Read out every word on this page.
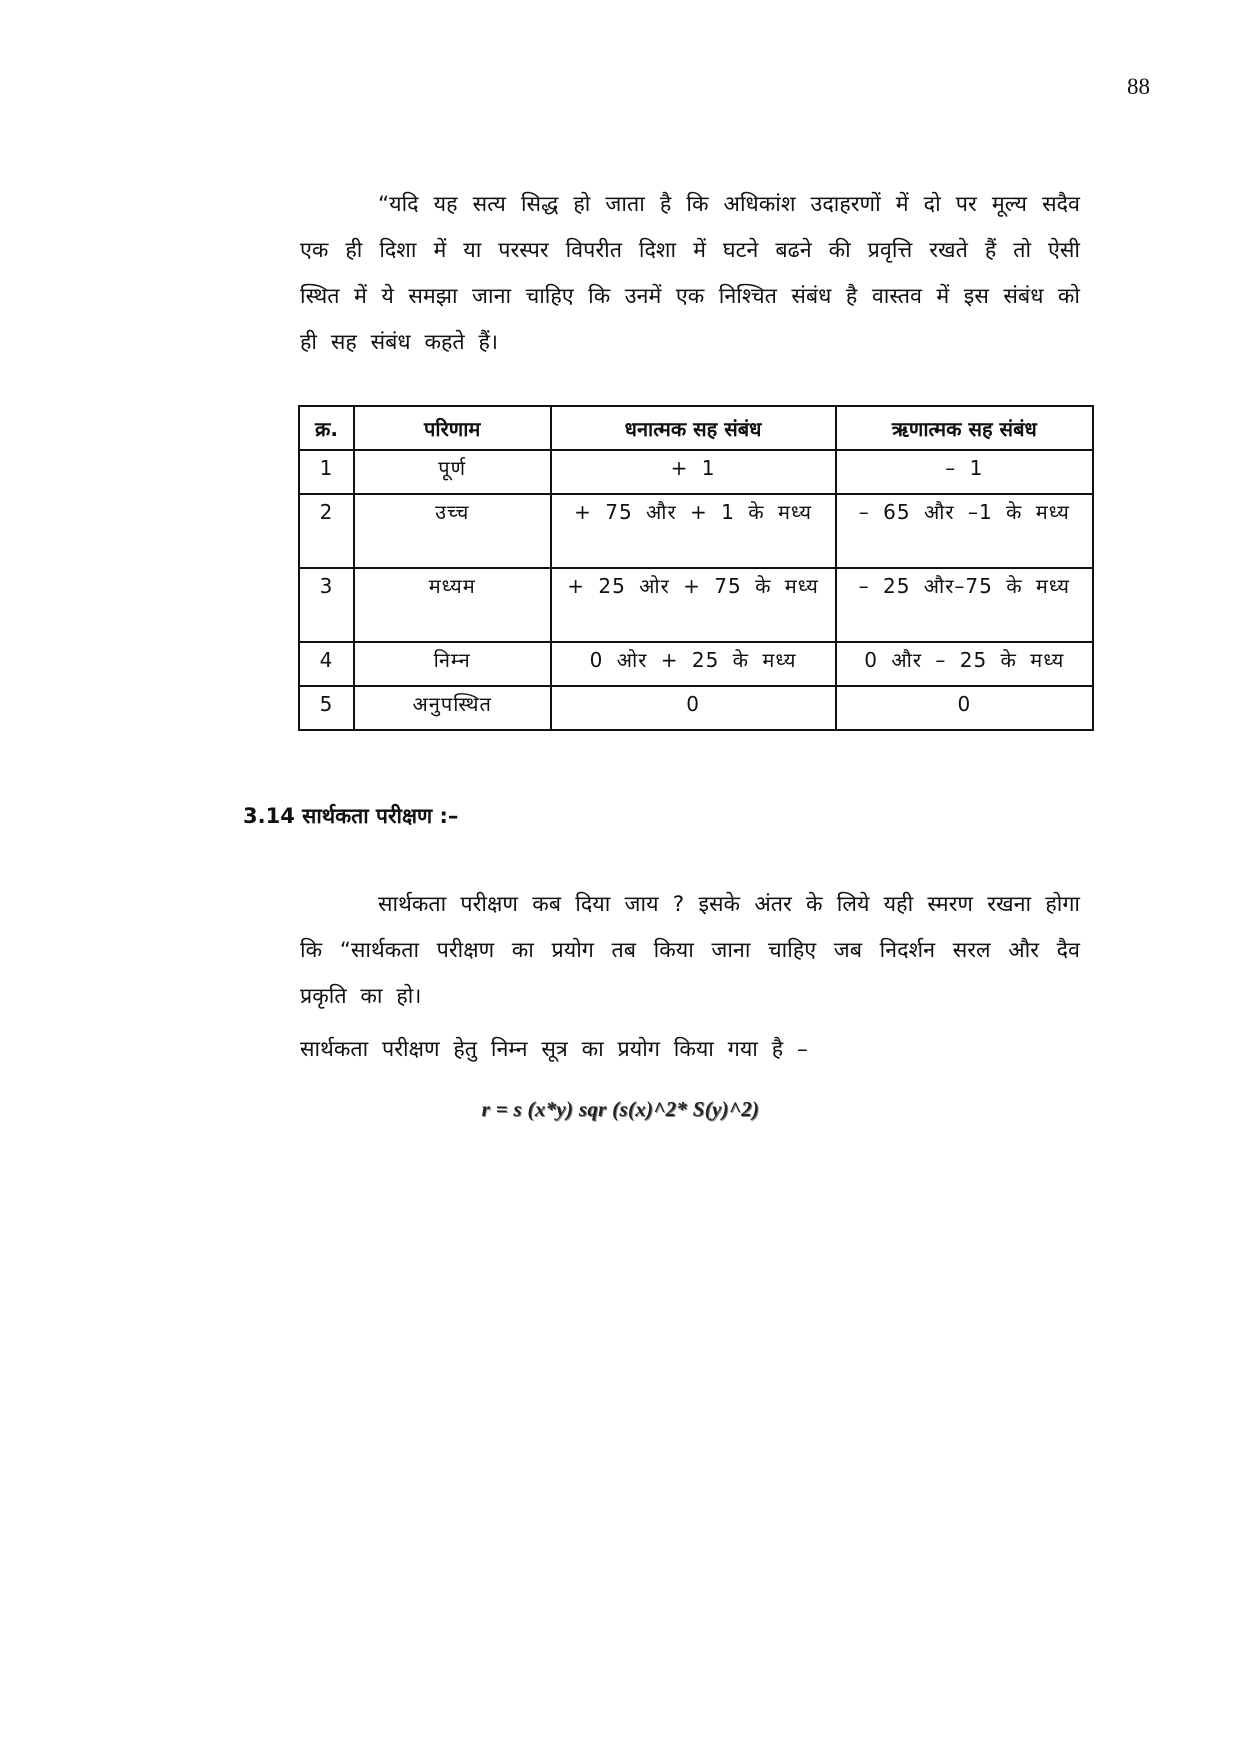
88

“यदि यह सत्य सिद्ध हो जाता है कि अधिकांश उदाहरणों में दो पर मूल्य सदैव एक ही दिशा में या परस्पर विपरीत दिशा में घटने बढने की प्रवृत्ति रखते हैं तो ऐसी स्थित में ये समझा जाना चाहिए कि उनमें एक निश्चित संबंध है वास्तव में इस संबंध को ही सह संबंध कहते हैं।

क्र.	परिणाम	धनात्मक सह संबंध	ऋणात्मक सह संबंध
1	पूर्ण	+ 1	– 1
2	उच्च	+ 75 और + 1 के मध्य	– 65 और –1 के मध्य
3	मध्यम	+ 25 ओर + 75 के मध्य	– 25 और–75 के मध्य
4	निम्न	0 ओर + 25 के मध्य	0 और – 25 के मध्य
5	अनुपस्थित	0	0
3.14 सार्थकता परीक्षण :–

सार्थकता परीक्षण कब दिया जाय ? इसके अंतर के लिये यही स्मरण रखना होगा कि “सार्थकता परीक्षण का प्रयोग तब किया जाना चाहिए जब निदर्शन सरल और दैव प्रकृति का हो।

सार्थकता परीक्षण हेतु निम्न सूत्र का प्रयोग किया गया है –

r = s (x*y) sqr (s(x)^2* S(y)^2)
